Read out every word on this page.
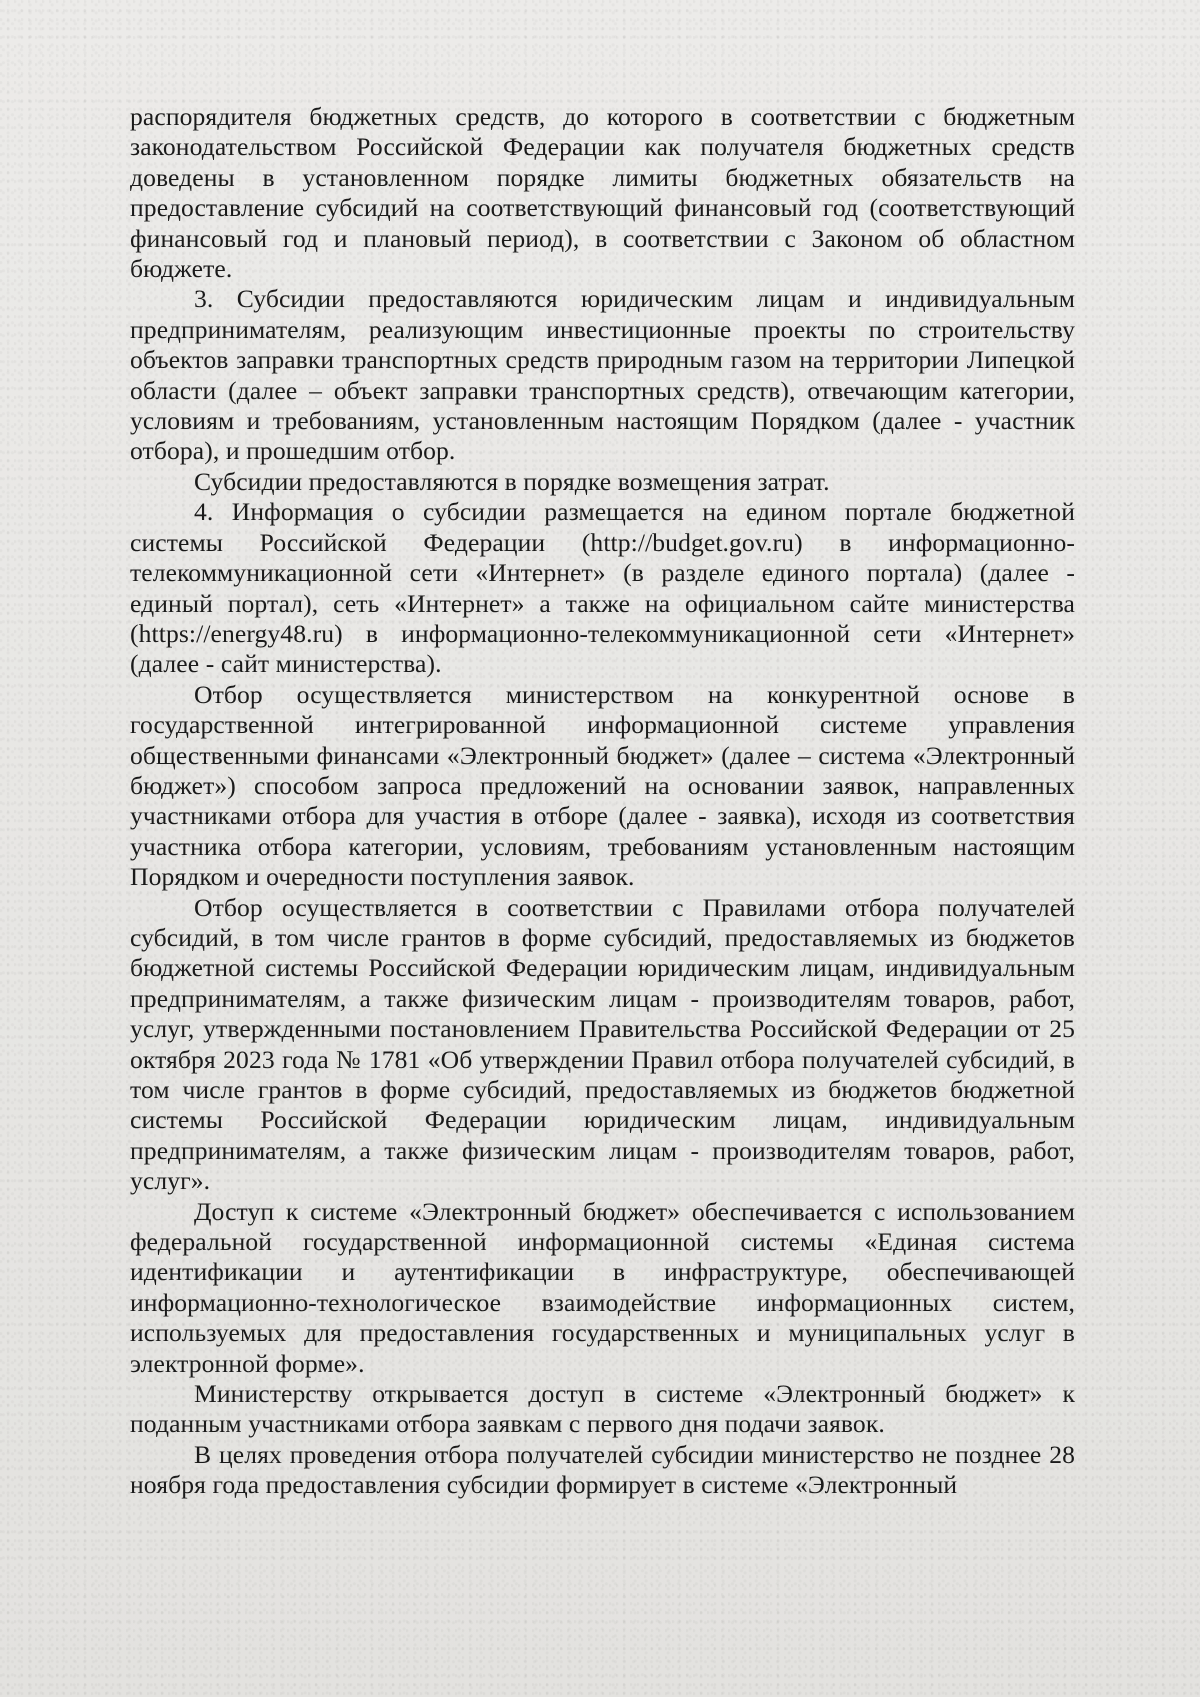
распорядителя бюджетных средств, до которого в соответствии с бюджетным законодательством Российской Федерации как получателя бюджетных средств доведены в установленном порядке лимиты бюджетных обязательств на предоставление субсидий на соответствующий финансовый год (соответствующий финансовый год и плановый период), в соответствии с Законом об областном бюджете.

3. Субсидии предоставляются юридическим лицам и индивидуальным предпринимателям, реализующим инвестиционные проекты по строительству объектов заправки транспортных средств природным газом на территории Липецкой области (далее – объект заправки транспортных средств), отвечающим категории, условиям и требованиям, установленным настоящим Порядком (далее - участник отбора), и прошедшим отбор.

Субсидии предоставляются в порядке возмещения затрат.

4. Информация о субсидии размещается на едином портале бюджетной системы Российской Федерации (http://budget.gov.ru) в информационно-телекоммуникационной сети «Интернет» (в разделе единого портала) (далее - единый портал), сеть «Интернет» а также на официальном сайте министерства (https://energy48.ru) в информационно-телекоммуникационной сети «Интернет» (далее - сайт министерства).

Отбор осуществляется министерством на конкурентной основе в государственной интегрированной информационной системе управления общественными финансами «Электронный бюджет» (далее – система «Электронный бюджет») способом запроса предложений на основании заявок, направленных участниками отбора для участия в отборе (далее - заявка), исходя из соответствия участника отбора категории, условиям, требованиям установленным настоящим Порядком и очередности поступления заявок.

Отбор осуществляется в соответствии с Правилами отбора получателей субсидий, в том числе грантов в форме субсидий, предоставляемых из бюджетов бюджетной системы Российской Федерации юридическим лицам, индивидуальным предпринимателям, а также физическим лицам - производителям товаров, работ, услуг, утвержденными постановлением Правительства Российской Федерации от 25 октября 2023 года № 1781 «Об утверждении Правил отбора получателей субсидий, в том числе грантов в форме субсидий, предоставляемых из бюджетов бюджетной системы Российской Федерации юридическим лицам, индивидуальным предпринимателям, а также физическим лицам - производителям товаров, работ, услуг».

Доступ к системе «Электронный бюджет» обеспечивается с использованием федеральной государственной информационной системы «Единая система идентификации и аутентификации в инфраструктуре, обеспечивающей информационно-технологическое взаимодействие информационных систем, используемых для предоставления государственных и муниципальных услуг в электронной форме».

Министерству открывается доступ в системе «Электронный бюджет» к поданным участниками отбора заявкам с первого дня подачи заявок.

В целях проведения отбора получателей субсидии министерство не позднее 28 ноября года предоставления субсидии формирует в системе «Электронный
